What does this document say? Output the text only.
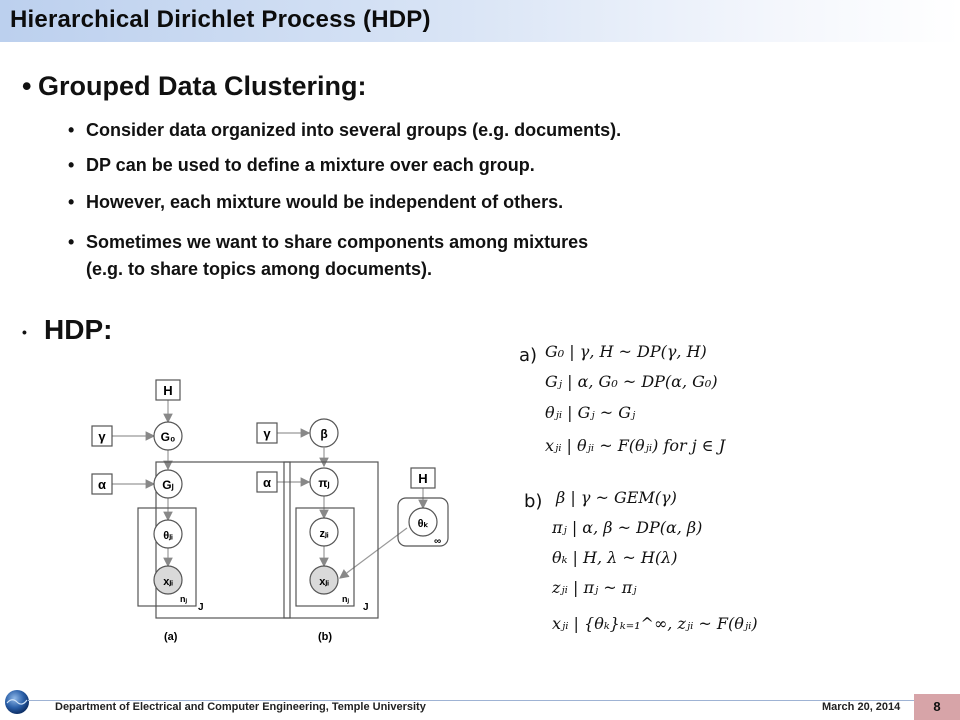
Hierarchical Dirichlet Process (HDP)
• Grouped Data Clustering:
• Consider data organized into several groups (e.g. documents).
• DP can be used to define a mixture over each group.
• However, each mixture would be independent of others.
• Sometimes we want to share components among mixtures
(e.g. to share topics among documents).
• HDP:
H
γ	G₀
α	Gⱼ
θⱼᵢ
xⱼᵢ
nⱼ
J
(a)
γ	β
α	πⱼ	H
zⱼᵢ
xⱼᵢ
θₖ
∞
nⱼ
J
(b)
a) G₀ | γ, H ~ DP(γ, H)
Gⱼ | α, G₀ ~ DP(α, G₀)
θⱼᵢ | Gⱼ ~ Gⱼ
xⱼᵢ | θⱼᵢ ~ F(θⱼᵢ) for j ∈ J
b) β | γ ~ GEM(γ)
πⱼ | α, β ~ DP(α, β)
θₖ | H, λ ~ H(λ)
zⱼᵢ | πⱼ ~ πⱼ
xⱼᵢ | {θₖ}ₖ₌₁^∞, zⱼᵢ ~ F(θⱼᵢ)
Department of Electrical and Computer Engineering, Temple University	March 20, 2014	8
